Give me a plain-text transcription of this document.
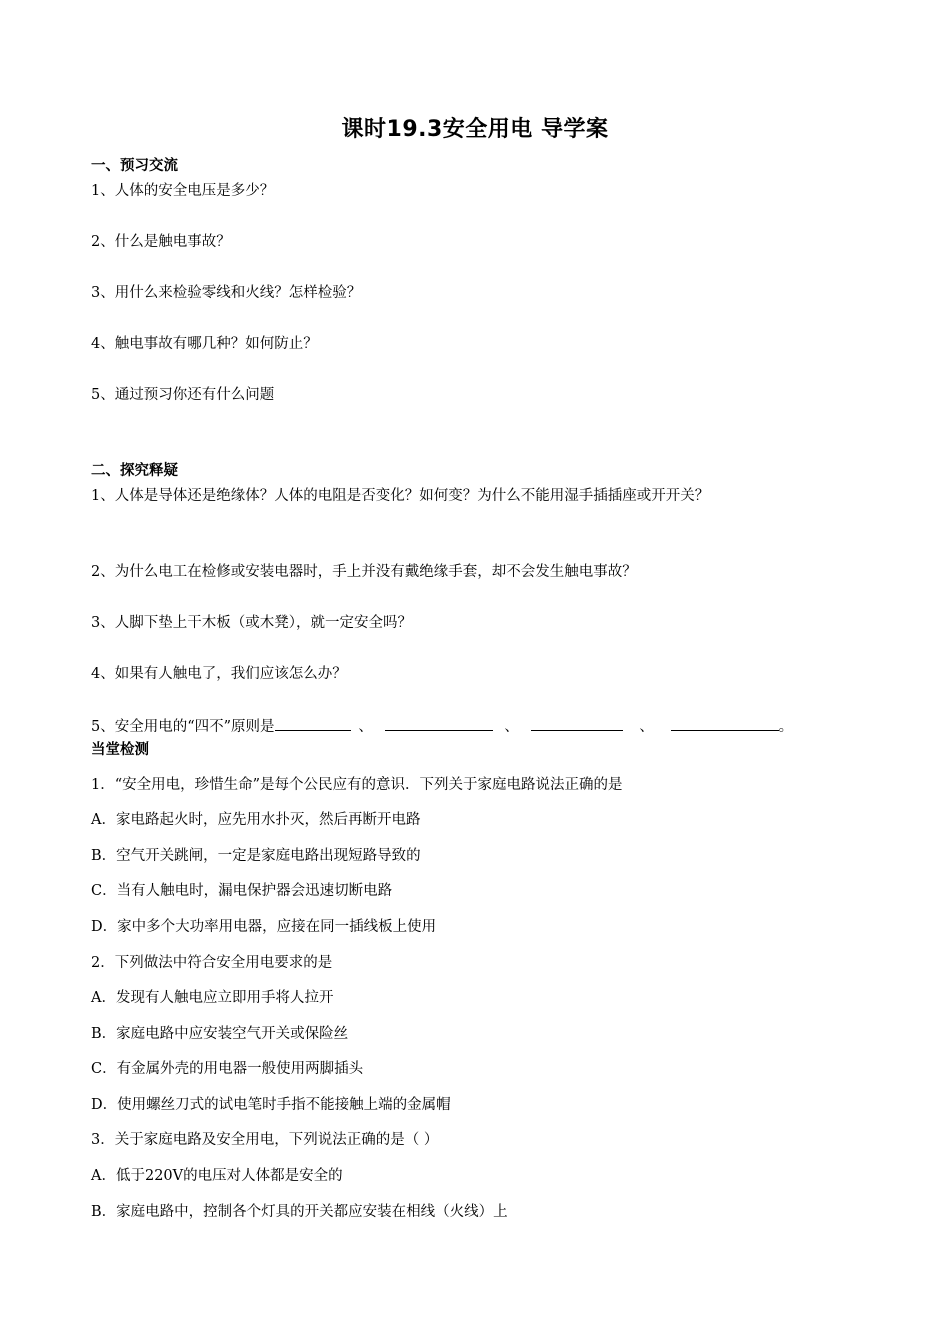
课时19.3安全用电 导学案
一、预习交流
1、人体的安全电压是多少？
2、什么是触电事故？
3、用什么来检验零线和火线？怎样检验？
4、触电事故有哪几种？如何防止？
5、通过预习你还有什么问题
二、探究释疑
1、人体是导体还是绝缘体？人体的电阻是否变化？如何变？为什么不能用湿手插插座或开开关？
2、为什么电工在检修或安装电器时，手上并没有戴绝缘手套，却不会发生触电事故？
3、人脚下垫上干木板（或木凳），就一定安全吗？
4、如果有人触电了，我们应该怎么办？
5、安全用电的“四不”原则是	、	、	、	。
当堂检测
1．“安全用电，珍惜生命”是每个公民应有的意识．下列关于家庭电路说法正确的是
A．家电路起火时，应先用水扑灭，然后再断开电路
B．空气开关跳闸，一定是家庭电路出现短路导致的
C．当有人触电时，漏电保护器会迅速切断电路
D．家中多个大功率用电器，应接在同一插线板上使用
2．下列做法中符合安全用电要求的是
A．发现有人触电应立即用手将人拉开
B．家庭电路中应安装空气开关或保险丝
C．有金属外壳的用电器一般使用两脚插头
D．使用螺丝刀式的试电笔时手指不能接触上端的金属帽
3．关于家庭电路及安全用电，下列说法正确的是（ ）
A．低于220V的电压对人体都是安全的
B．家庭电路中，控制各个灯具的开关都应安装在相线（火线）上
